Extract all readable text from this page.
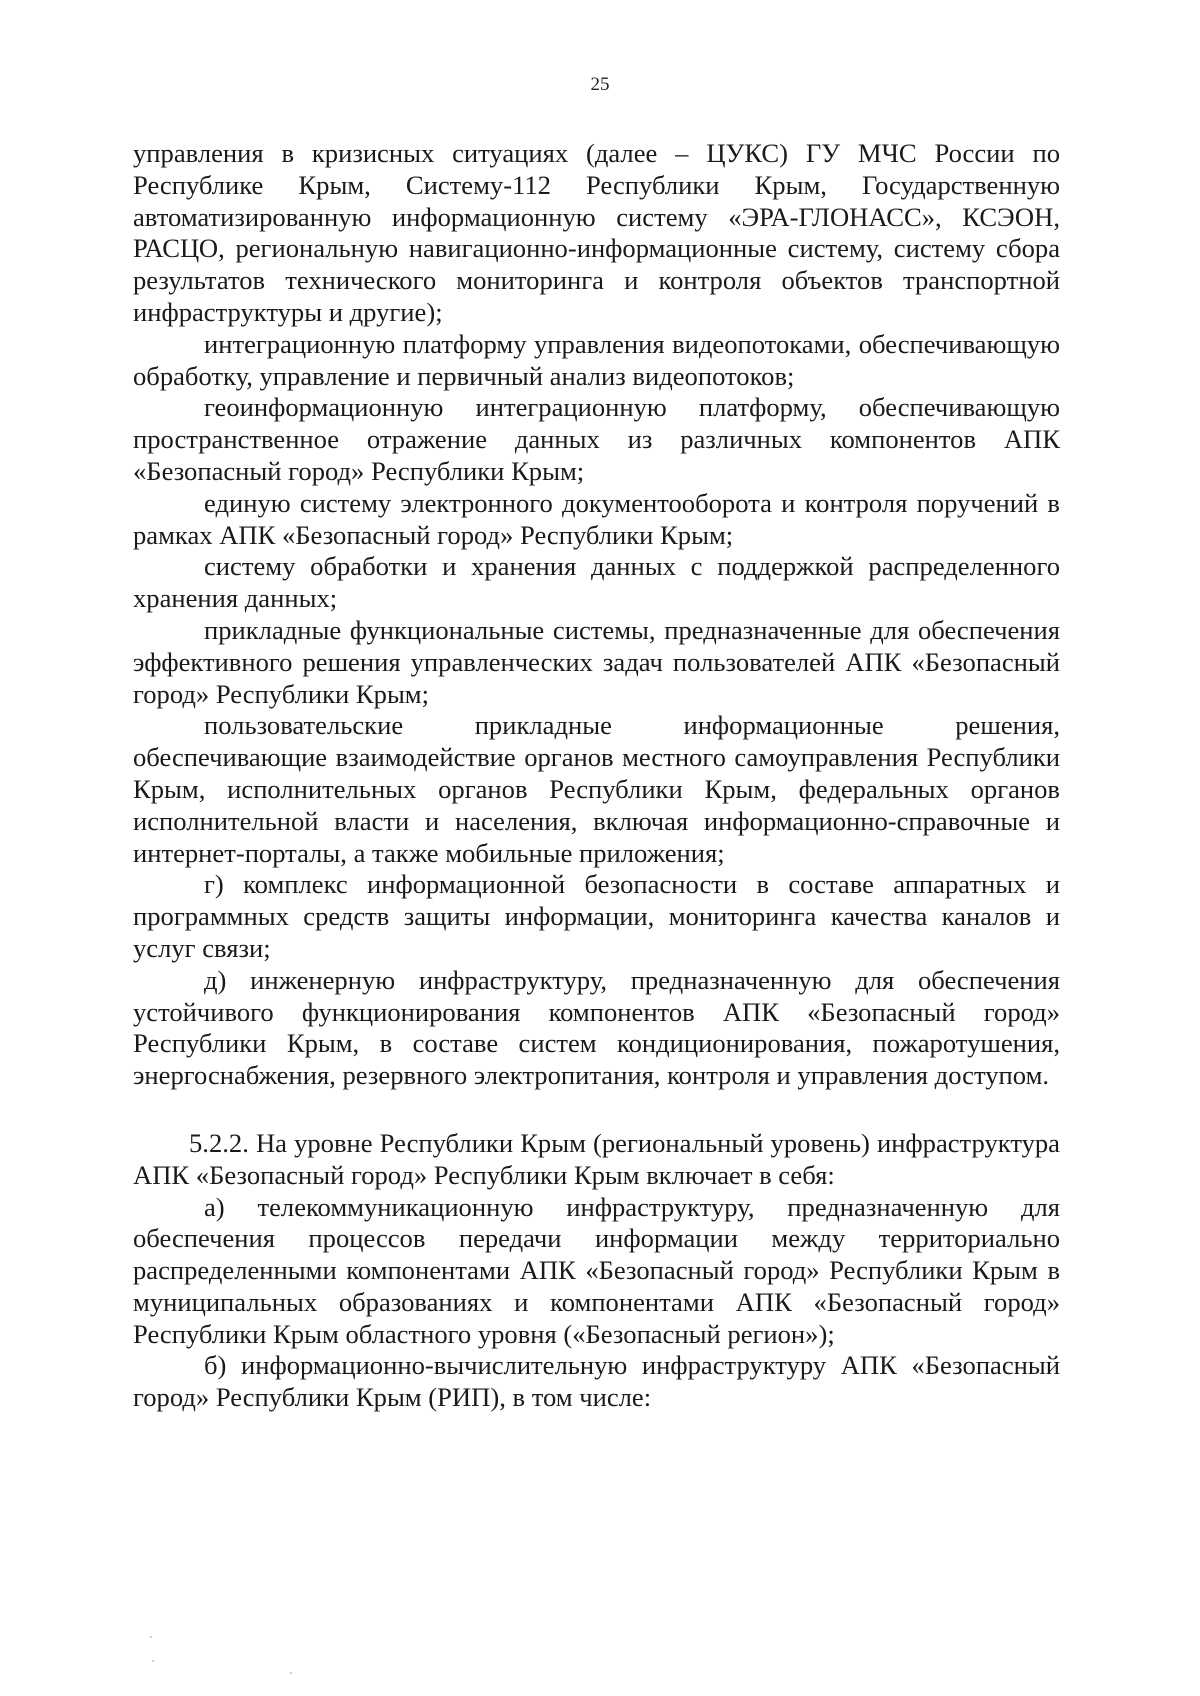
25

управления в кризисных ситуациях (далее – ЦУКС) ГУ МЧС России по Республике Крым, Систему-112 Республики Крым, Государственную автоматизированную информационную систему «ЭРА-ГЛОНАСС», КСЭОН, РАСЦО, региональную навигационно-информационные систему, систему сбора результатов технического мониторинга и контроля объектов транспортной инфраструктуры и другие);

интеграционную платформу управления видеопотоками, обеспечивающую обработку, управление и первичный анализ видеопотоков;

геоинформационную интеграционную платформу, обеспечивающую пространственное отражение данных из различных компонентов АПК «Безопасный город» Республики Крым;

единую систему электронного документооборота и контроля поручений в рамках АПК «Безопасный город» Республики Крым;

систему обработки и хранения данных с поддержкой распределенного хранения данных;

прикладные функциональные системы, предназначенные для обеспечения эффективного решения управленческих задач пользователей АПК «Безопасный город» Республики Крым;

пользовательские прикладные информационные решения, обеспечивающие взаимодействие органов местного самоуправления Республики Крым, исполнительных органов Республики Крым, федеральных органов исполнительной власти и населения, включая информационно-справочные и интернет-порталы, а также мобильные приложения;

г) комплекс информационной безопасности в составе аппаратных и программных средств защиты информации, мониторинга качества каналов и услуг связи;

д) инженерную инфраструктуру, предназначенную для обеспечения устойчивого функционирования компонентов АПК «Безопасный город» Республики Крым, в составе систем кондиционирования, пожаротушения, энергоснабжения, резервного электропитания, контроля и управления доступом.

5.2.2. На уровне Республики Крым (региональный уровень) инфраструктура АПК «Безопасный город» Республики Крым включает в себя:

а) телекоммуникационную инфраструктуру, предназначенную для обеспечения процессов передачи информации между территориально распределенными компонентами АПК «Безопасный город» Республики Крым в муниципальных образованиях и компонентами АПК «Безопасный город» Республики Крым областного уровня («Безопасный регион»);

б) информационно-вычислительную инфраструктуру АПК «Безопасный город» Республики Крым (РИП), в том числе:
